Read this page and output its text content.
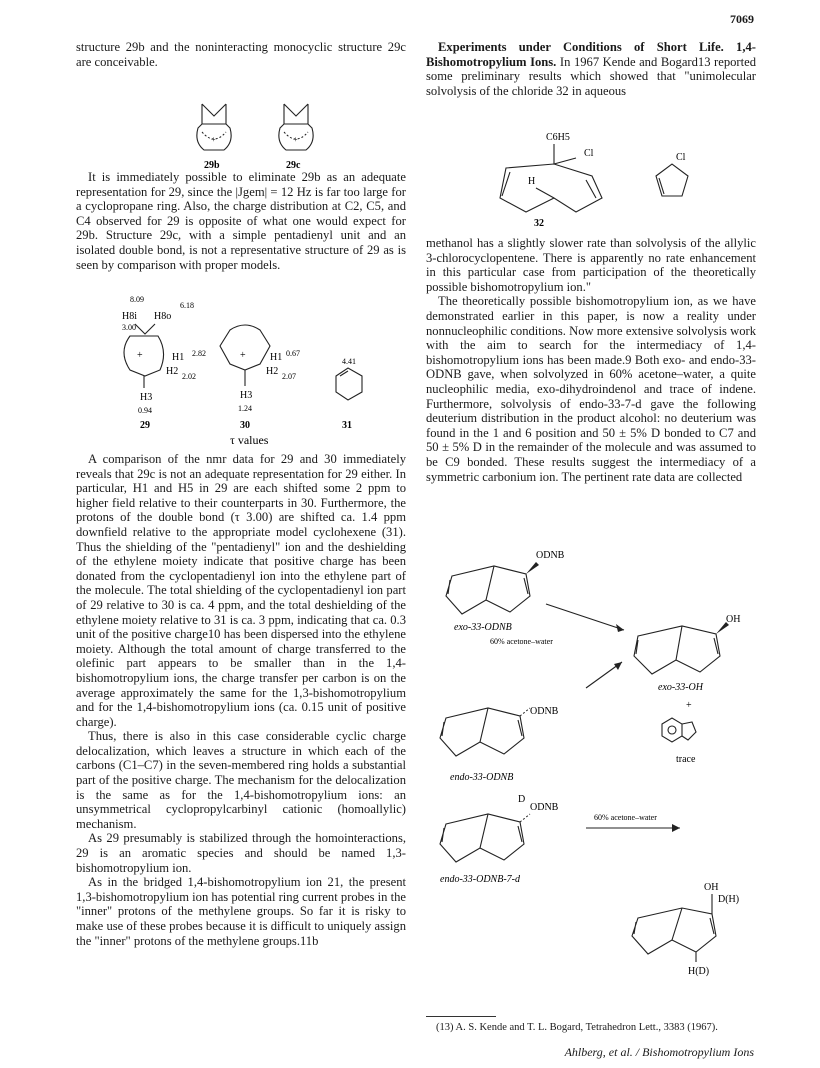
7069

structure 29b and the noninteracting monocyclic structure 29c are conceivable.

+
29b
+
29c

It is immediately possible to eliminate 29b as an adequate representation for 29, since the |Jgem| = 12 Hz is far too large for a cyclopropane ring. Also, the charge distribution at C2, C5, and C4 observed for 29 is opposite of what one would expect for 29b. Structure 29c, with a simple pentadienyl unit and an isolated double bond, is not a representative structure of 29 as is seen by comparison with proper models.

8.09
6.18
H8i H8o
3.00
+	H1 2.82
H2 2.02
H3
0.94
29
+ H1 0.67
H2 2.07
H3
1.24
30
4.41
31
τ values

A comparison of the nmr data for 29 and 30 immediately reveals that 29c is not an adequate representation for 29 either. In particular, H1 and H5 in 29 are each shifted some 2 ppm to higher field relative to their counterparts in 30. Furthermore, the protons of the double bond (τ 3.00) are shifted ca. 1.4 ppm downfield relative to the appropriate model cyclohexene (31). Thus the shielding of the "pentadienyl" ion and the deshielding of the ethylene moiety indicate that positive charge has been donated from the cyclopentadienyl ion into the ethylene part of the molecule. The total shielding of the cyclopentadienyl ion part of 29 relative to 30 is ca. 4 ppm, and the total deshielding of the ethylene moiety relative to 31 is ca. 3 ppm, indicating that ca. 0.3 unit of the positive charge10 has been dispersed into the ethylene moiety. Although the total amount of charge transferred to the olefinic part appears to be smaller than in the 1,4-bishomotropylium ions, the charge transfer per carbon is on the average approximately the same for the 1,3-bishomotropylium and for the 1,4-bishomotropylium ions (ca. 0.15 unit of positive charge).

Thus, there is also in this case considerable cyclic charge delocalization, which leaves a structure in which each of the carbons (C1–C7) in the seven-membered ring holds a substantial part of the positive charge. The mechanism for the delocalization is the same as for the 1,4-bishomotropylium ions: an unsymmetrical cyclopropylcarbinyl cationic (homoallylic) mechanism.

As 29 presumably is stabilized through the homointeractions, 29 is an aromatic species and should be named 1,3-bishomotropylium ion.

As in the bridged 1,4-bishomotropylium ion 21, the present 1,3-bishomotropylium ion has potential ring current probes in the "inner" protons of the methylene groups. So far it is risky to make use of these probes because it is difficult to uniquely assign the "inner" protons of the methylene groups.11b

Experiments under Conditions of Short Life. 1,4-Bishomotropylium Ions. In 1967 Kende and Bogard13 reported some preliminary results which showed that "unimolecular solvolysis of the chloride 32 in aqueous

C6H5
Cl
H
Cl
32

methanol has a slightly slower rate than solvolysis of the allylic 3-chlorocyclopentene. There is apparently no rate enhancement in this particular case from participation of the theoretically possible bishomotropylium ion."

The theoretically possible bishomotropylium ion, as we have demonstrated earlier in this paper, is now a reality under nonnucleophilic conditions. Now more extensive solvolysis work with the aim to search for the intermediacy of 1,4-bishomotropylium ions has been made.9 Both exo- and endo-33-ODNB gave, when solvolyzed in 60% acetone–water, a quite nucleophilic media, exo-dihydroindenol and trace of indene. Furthermore, solvolysis of endo-33-7-d gave the following deuterium distribution in the product alcohol: no deuterium was found in the 1 and 6 position and 50 ± 5% D bonded to C7 and 50 ± 5% D in the remainder of the molecule and was assumed to be C9 bonded. These results suggest the intermediacy of a symmetric carbonium ion. The pertinent rate data are collected

ODNB
exo-33-ODNB
60% acetone–water
OH
exo-33-OH
+
trace
ODNB
endo-33-ODNB
D
ODNB
endo-33-ODNB-7-d
60% acetone–water
OH
D(H)
H(D)
(13) A. S. Kende and T. L. Bogard, Tetrahedron Lett., 3383 (1967).
Ahlberg, et al. / Bishomotropylium Ions
